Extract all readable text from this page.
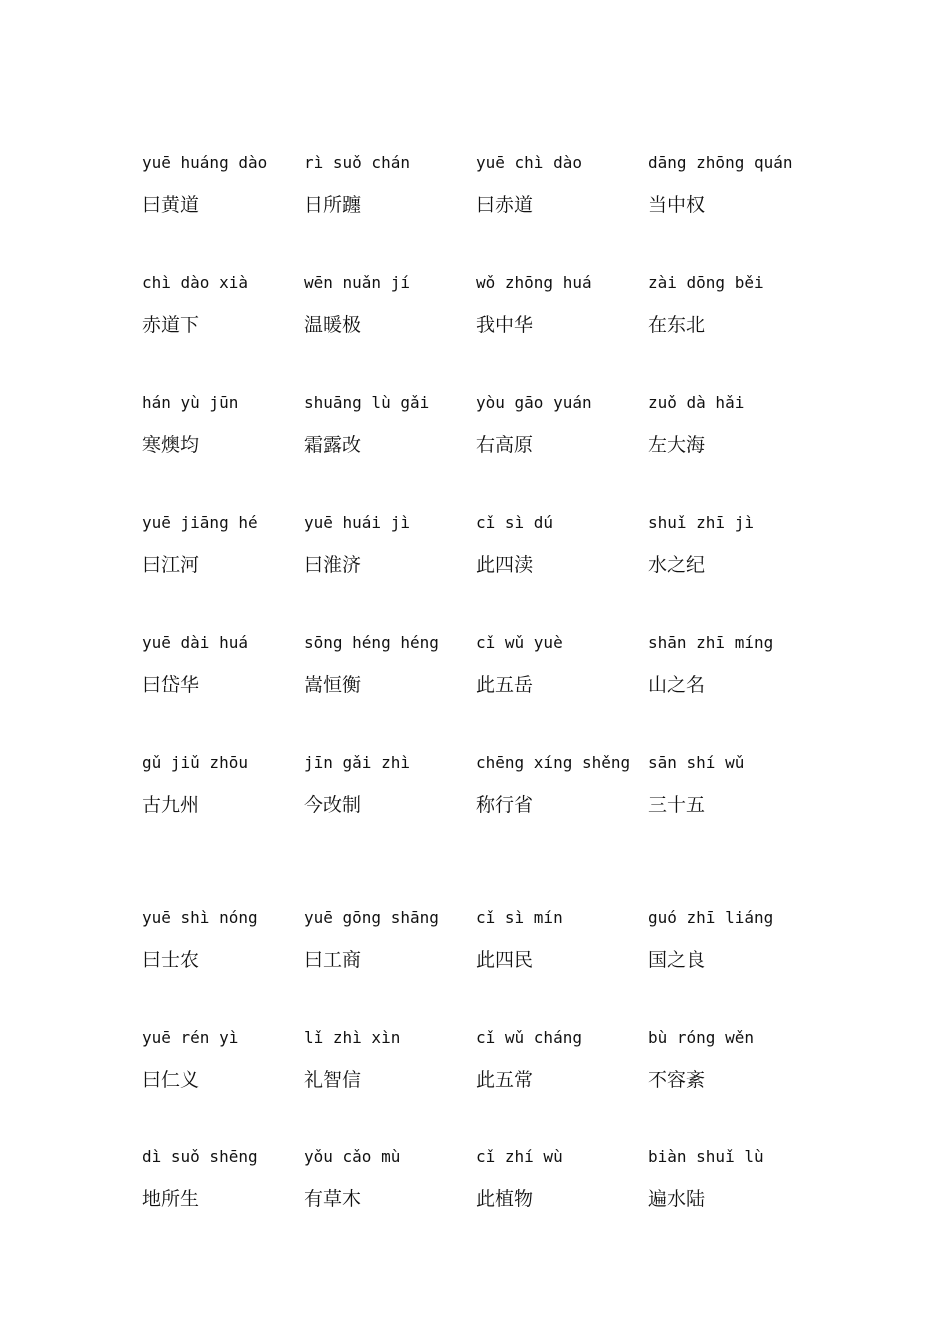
yuē huáng dào
曰黄道
rì suǒ chán
日所躔
yuē chì dào
曰赤道
dāng zhōng quán
当中权
chì dào xià
赤道下
wēn nuǎn jí
温暖极
wǒ zhōng huá
我中华
zài dōng běi
在东北
hán yù jūn
寒燠均
shuāng lù gǎi
霜露改
yòu gāo yuán
右高原
zuǒ dà hǎi
左大海
yuē jiāng hé
曰江河
yuē huái jì
曰淮济
cǐ sì dú
此四渎
shuǐ zhī jì
水之纪
yuē dài huá
曰岱华
sōng héng héng
嵩恒衡
cǐ wǔ yuè
此五岳
shān zhī míng
山之名
gǔ jiǔ zhōu
古九州
jīn gǎi zhì
今改制
chēng xíng shěng
称行省
sān shí wǔ
三十五
yuē shì nóng
曰士农
yuē gōng shāng
曰工商
cǐ sì mín
此四民
guó zhī liáng
国之良
yuē rén yì
曰仁义
lǐ zhì xìn
礼智信
cǐ wǔ cháng
此五常
bù róng wěn
不容紊
dì suǒ shēng
地所生
yǒu cǎo mù
有草木
cǐ zhí wù
此植物
biàn shuǐ lù
遍水陆
